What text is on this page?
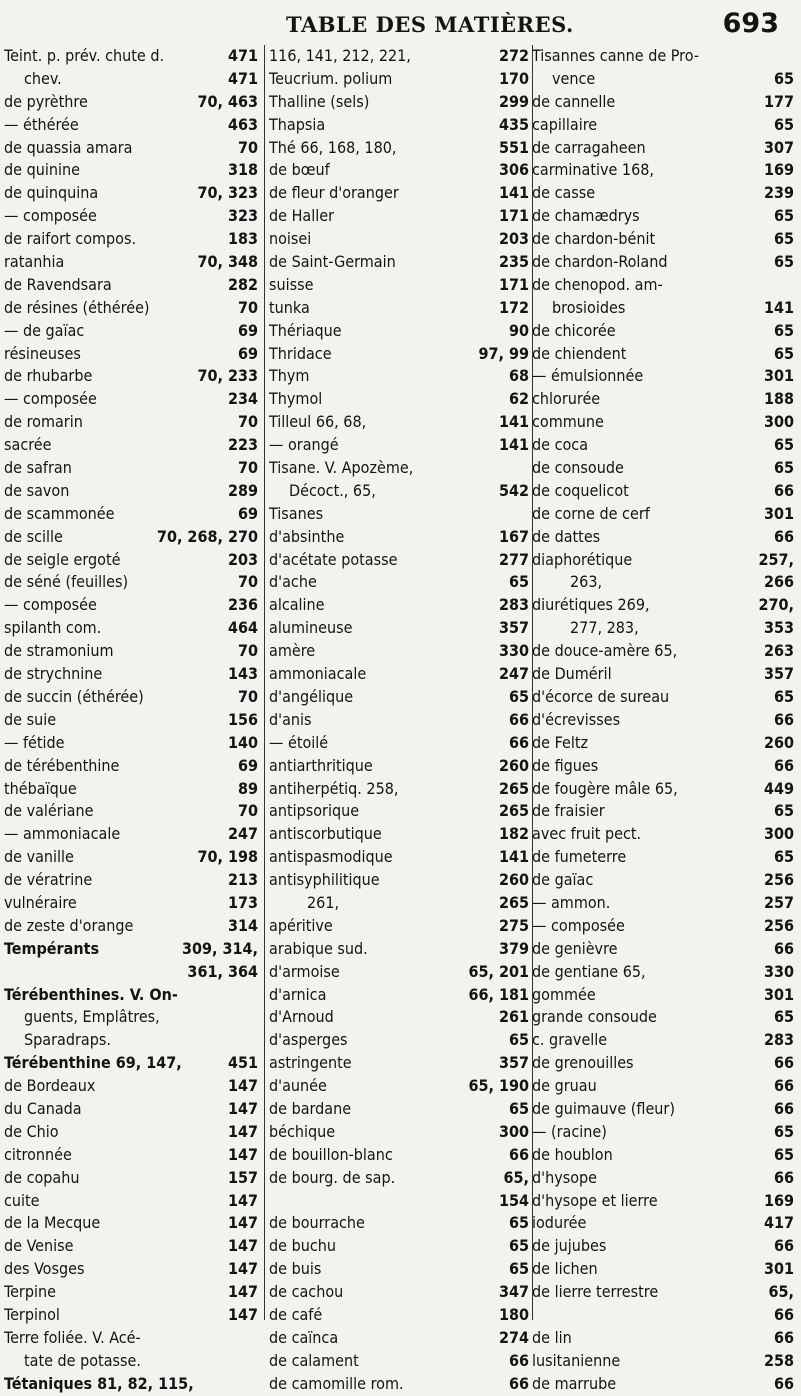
TABLE DES MATIÈRES.	693
Teint. p. prév. chute d.	471
chev.	471
de pyrèthre	70, 463
— éthérée	463
de quassia amara	70
de quinine	318
de quinquina	70, 323
— composée	323
de raifort compos.	183
ratanhia	70, 348
de Ravendsara	282
de résines (éthérée)	70
— de gaïac	69
résineuses	69
de rhubarbe	70, 233
— composée	234
de romarin	70
sacrée	223
de safran	70
de savon	289
de scammonée	69
de scille	70, 268, 270
de seigle ergoté	203
de séné (feuilles)	70
— composée	236
spilanth com.	464
de stramonium	70
de strychnine	143
de succin (éthérée)	70
de suie	156
— fétide	140
de térébenthine	69
thébaïque	89
de valériane	70
— ammoniacale	247
de vanille	70, 198
de vératrine	213
vulnéraire	173
de zeste d'orange	314
Tempérants	309, 314,
361, 364
Térébenthines. V. On-
guents, Emplâtres,
Sparadraps.
Térébenthine 69, 147,	451
de Bordeaux	147
du Canada	147
de Chio	147
citronnée	147
de copahu	157
cuite	147
de la Mecque	147
de Venise	147
des Vosges	147
Terpine	147
Terpinol	147
Terre foliée. V. Acé-
tate de potasse.
Tétaniques 81, 82, 115,
116, 141, 212, 221,	272
Teucrium. polium	170
Thalline (sels)	299
Thapsia	435
Thé 66, 168, 180,	551
de bœuf	306
de fleur d'oranger	141
de Haller	171
noisei	203
de Saint-Germain	235
suisse	171
tunka	172
Thériaque	90
Thridace	97, 99
Thym	68
Thymol	62
Tilleul 66, 68,	141
— orangé	141
Tisane. V. Apozème,
Décoct., 65,	542
Tisanes
d'absinthe	167
d'acétate potasse	277
d'ache	65
alcaline	283
alumineuse	357
amère	330
ammoniacale	247
d'angélique	65
d'anis	66
— étoilé	66
antiarthritique	260
antiherpétiq. 258,	265
antipsorique	265
antiscorbutique	182
antispasmodique	141
antisyphilitique	260
261,	265
apéritive	275
arabique sud.	379
d'armoise	65, 201
d'arnica	66, 181
d'Arnoud	261
d'asperges	65
astringente	357
d'aunée	65, 190
de bardane	65
béchique	300
de bouillon-blanc	66
de bourg. de sap.	65,
154
de bourrache	65
de buchu	65
de buis	65
de cachou	347
de café	180
de caïnca	274
de calament	66
de camomille rom.	66
Tisannes canne de Pro-
vence	65
de cannelle	177
capillaire	65
de carragaheen	307
carminative 168,	169
de casse	239
de chamædrys	65
de chardon-bénit	65
de chardon-Roland	65
de chenopod. am-
brosioides	141
de chicorée	65
de chiendent	65
— émulsionnée	301
chlorurée	188
commune	300
de coca	65
de consoude	65
de coquelicot	66
de corne de cerf	301
de dattes	66
diaphorétique	257,
263,	266
diurétiques 269,	270,
277, 283,	353
de douce-amère 65,	263
de Duméril	357
d'écorce de sureau	65
d'écrevisses	66
de Feltz	260
de figues	66
de fougère mâle 65,	449
de fraisier	65
avec fruit pect.	300
de fumeterre	65
de gaïac	256
— ammon.	257
— composée	256
de genièvre	66
de gentiane 65,	330
gommée	301
grande consoude	65
c. gravelle	283
de grenouilles	66
de gruau	66
de guimauve (fleur)	66
— (racine)	65
de houblon	65
d'hysope	66
d'hysope et lierre	169
iodurée	417
de jujubes	66
de lichen	301
de lierre terrestre	65,
66
de lin	66
lusitanienne	258
de marrube	66
